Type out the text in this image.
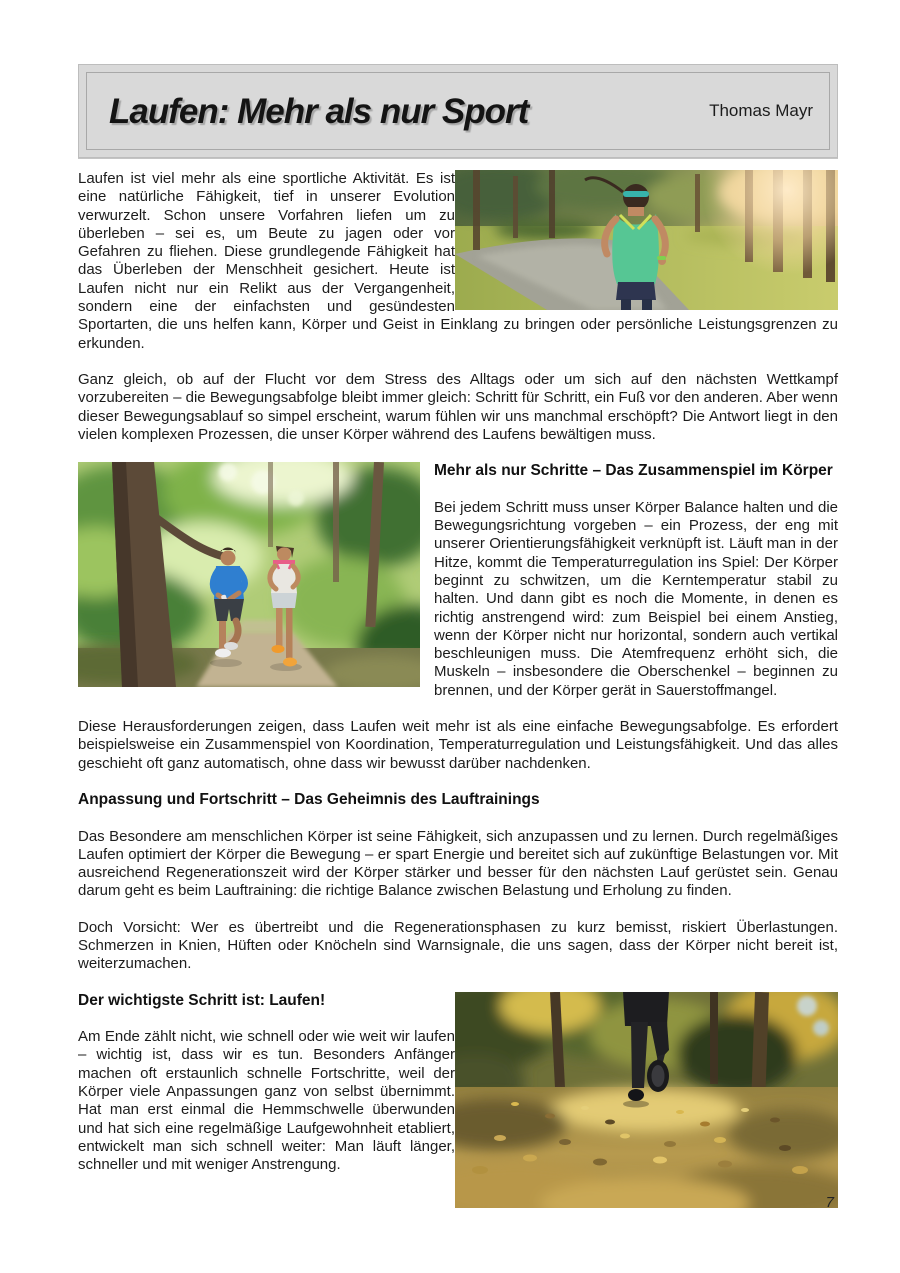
Laufen: Mehr als nur Sport	Thomas Mayr

Laufen ist viel mehr als eine sportliche Aktivität. Es ist eine natürliche Fähigkeit, tief in unserer Evolution verwurzelt. Schon unsere Vorfahren liefen um zu überleben – sei es, um Beute zu jagen oder vor Gefahren zu fliehen. Diese grundlegende Fähigkeit hat das Überleben der Menschheit gesichert. Heute ist Laufen nicht nur ein Relikt aus der Vergangenheit, sondern eine der einfachsten und gesündesten Sportarten, die uns helfen kann, Körper und Geist in Einklang zu bringen oder persönliche Leistungsgrenzen zu erkunden.

Ganz gleich, ob auf der Flucht vor dem Stress des Alltags oder um sich auf den nächsten Wettkampf vorzubereiten – die Bewegungsabfolge bleibt immer gleich: Schritt für Schritt, ein Fuß vor den anderen. Aber wenn dieser Bewegungsablauf so simpel erscheint, warum fühlen wir uns manchmal erschöpft? Die Antwort liegt in den vielen komplexen Prozessen, die unser Körper während des Laufens bewältigen muss.

Mehr als nur Schritte – Das Zusammenspiel im Körper

Bei jedem Schritt muss unser Körper Balance halten und die Bewegungsrichtung vorgeben – ein Prozess, der eng mit unserer Orientierungsfähigkeit verknüpft ist. Läuft man in der Hitze, kommt die Temperaturregulation ins Spiel: Der Körper beginnt zu schwitzen, um die Kerntemperatur stabil zu halten. Und dann gibt es noch die Momente, in denen es richtig anstrengend wird: zum Beispiel bei einem Anstieg, wenn der Körper nicht nur horizontal, sondern auch vertikal beschleunigen muss. Die Atemfrequenz erhöht sich, die Muskeln – insbesondere die Oberschenkel – beginnen zu brennen, und der Körper gerät in Sauerstoffmangel.

Diese Herausforderungen zeigen, dass Laufen weit mehr ist als eine einfache Bewegungsabfolge. Es erfordert beispielsweise ein Zusammenspiel von Koordination, Temperaturregulation und Leistungsfähigkeit. Und das alles geschieht oft ganz automatisch, ohne dass wir bewusst darüber nachdenken.

Anpassung und Fortschritt – Das Geheimnis des Lauftrainings

Das Besondere am menschlichen Körper ist seine Fähigkeit, sich anzupassen und zu lernen. Durch regelmäßiges Laufen optimiert der Körper die Bewegung – er spart Energie und bereitet sich auf zukünftige Belastungen vor. Mit ausreichend Regenerationszeit wird der Körper stärker und besser für den nächsten Lauf gerüstet sein. Genau darum geht es beim Lauftraining: die richtige Balance zwischen Belastung und Erholung zu finden.

Doch Vorsicht: Wer es übertreibt und die Regenerationsphasen zu kurz bemisst, riskiert Überlastungen. Schmerzen in Knien, Hüften oder Knöcheln sind Warnsignale, die uns sagen, dass der Körper nicht bereit ist, weiterzumachen.

Der wichtigste Schritt ist: Laufen!

Am Ende zählt nicht, wie schnell oder wie weit wir laufen – wichtig ist, dass wir es tun. Besonders Anfänger machen oft erstaunlich schnelle Fortschritte, weil der Körper viele Anpassungen ganz von selbst übernimmt. Hat man erst einmal die Hemmschwelle überwunden und hat sich eine regelmäßige Laufgewohnheit etabliert, entwickelt man sich schnell weiter: Man läuft länger, schneller und mit weniger Anstrengung.

7
